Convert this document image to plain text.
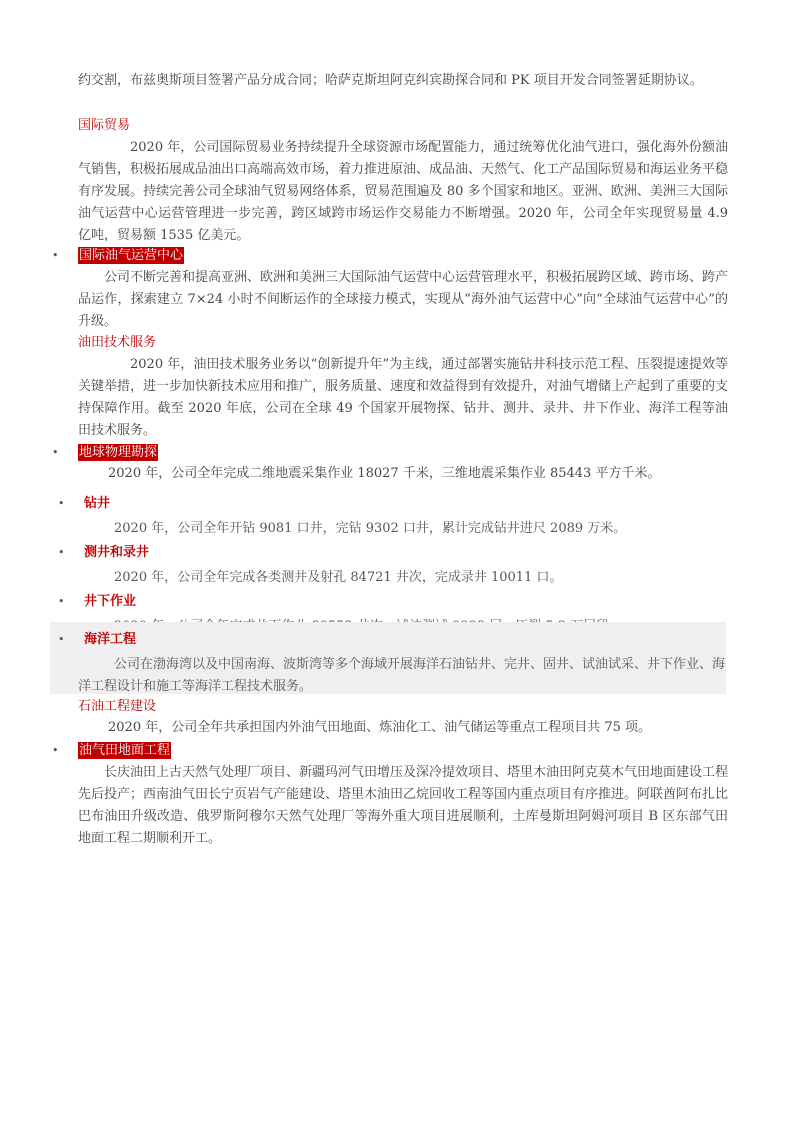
约交割，布兹奥斯项目签署产品分成合同；哈萨克斯坦阿克纠宾勘探合同和 PK 项目开发合同签署延期协议。

国际贸易

2020 年，公司国际贸易业务持续提升全球资源市场配置能力，通过统筹优化油气进口，强化海外份额油气销售，积极拓展成品油出口高端高效市场，着力推进原油、成品油、天然气、化工产品国际贸易和海运业务平稳有序发展。持续完善公司全球油气贸易网络体系，贸易范围遍及 80 多个国家和地区。亚洲、欧洲、美洲三大国际油气运营中心运营管理进一步完善，跨区域跨市场运作交易能力不断增强。2020 年，公司全年实现贸易量 4.9 亿吨，贸易额 1535 亿美元。

• 国际油气运营中心

公司不断完善和提高亚洲、欧洲和美洲三大国际油气运营中心运营管理水平，积极拓展跨区域、跨市场、跨产品运作，探索建立 7×24 小时不间断运作的全球接力模式，实现从“海外油气运营中心”向“全球油气运营中心”的升级。

油田技术服务

2020 年，油田技术服务业务以“创新提升年”为主线，通过部署实施钻井科技示范工程、压裂提速提效等关键举措，进一步加快新技术应用和推广，服务质量、速度和效益得到有效提升，对油气增储上产起到了重要的支持保障作用。截至 2020 年底，公司在全球 49 个国家开展物探、钻井、测井、录井、井下作业、海洋工程等油田技术服务。

• 地球物理勘探

2020 年，公司全年完成二维地震采集作业 18027 千米，三维地震采集作业 85443 平方千米。

• 钻井
2020 年，公司全年开钻 9081 口井，完钻 9302 口井，累计完成钻井进尺 2089 万米。
• 测井和录井
2020 年，公司全年完成各类测井及射孔 84721 井次，完成录井 10011 口。
• 井下作业
• 海洋工程
公司在渤海湾以及中国南海、波斯湾等多个海域开展海洋石油钻井、完井、固井、试油试采、井下作业、海洋工程设计和施工等海洋工程技术服务。
石油工程建设

2020 年，公司全年共承担国内外油气田地面、炼油化工、油气储运等重点工程项目共 75 项。

• 油气田地面工程

长庆油田上古天然气处理厂项目、新疆玛河气田增压及深冷提效项目、塔里木油田阿克莫木气田地面建设工程先后投产；西南油气田长宁页岩气产能建设、塔里木油田乙烷回收工程等国内重点项目有序推进。阿联酋阿布扎比巴布油田升级改造、俄罗斯阿穆尔天然气处理厂等海外重大项目进展顺利，土库曼斯坦阿姆河项目 B 区东部气田地面工程二期顺利开工。
